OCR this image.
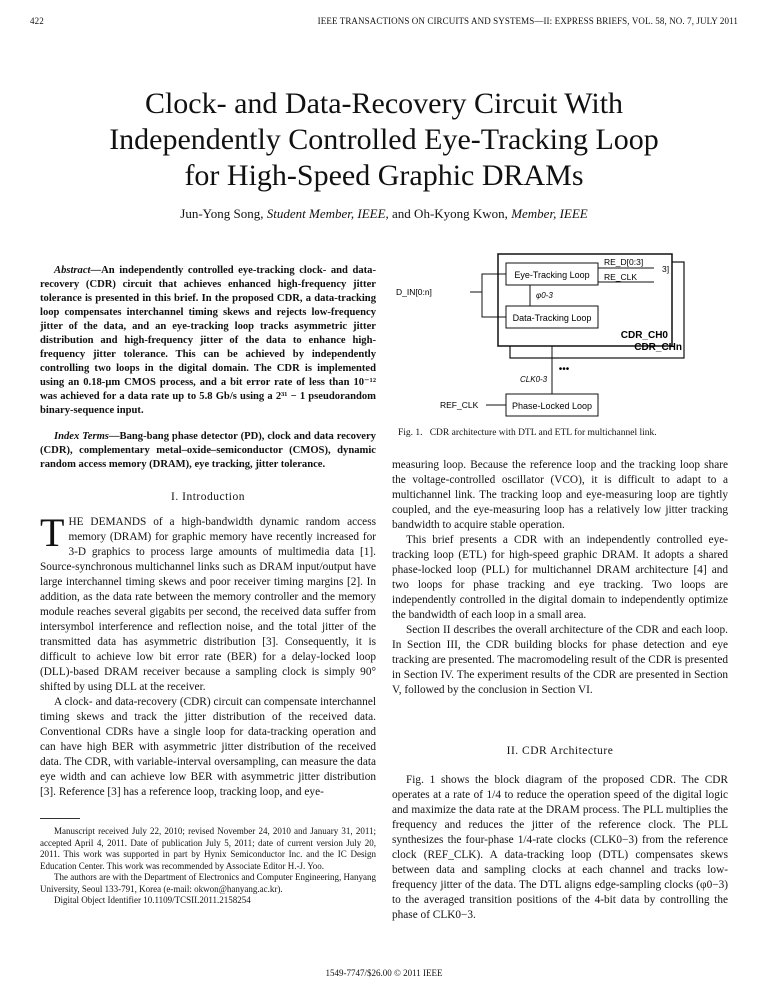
422	IEEE TRANSACTIONS ON CIRCUITS AND SYSTEMS—II: EXPRESS BRIEFS, VOL. 58, NO. 7, JULY 2011
Clock- and Data-Recovery Circuit With
Independently Controlled Eye-Tracking Loop
for High-Speed Graphic DRAMs
Jun-Yong Song, Student Member, IEEE, and Oh-Kyong Kwon, Member, IEEE

Abstract—An independently controlled eye-tracking clock- and data-recovery (CDR) circuit that achieves enhanced high-frequency jitter tolerance is presented in this brief. In the proposed CDR, a data-tracking loop compensates interchannel timing skews and rejects low-frequency jitter of the data, and an eye-tracking loop tracks asymmetric jitter distribution and high-frequency jitter of the data to enhance high-frequency jitter tolerance. This can be achieved by independently controlling two loops in the digital domain. The CDR is implemented using an 0.18-μm CMOS process, and a bit error rate of less than 10⁻¹² was achieved for a data rate up to 5.8 Gb/s using a 2³¹ − 1 pseudorandom binary-sequence input.

Index Terms—Bang-bang phase detector (PD), clock and data recovery (CDR), complementary metal–oxide–semiconductor (CMOS), dynamic random access memory (DRAM), eye tracking, jitter tolerance.

I. Introduction

THE DEMANDS of a high-bandwidth dynamic random access memory (DRAM) for graphic memory have recently increased for 3-D graphics to process large amounts of multimedia data [1]. Source-synchronous multichannel links such as DRAM input/output have large interchannel timing skews and poor receiver timing margins [2]. In addition, as the data rate between the memory controller and the memory module reaches several gigabits per second, the received data suffer from intersymbol interference and reflection noise, and the total jitter of the transmitted data has asymmetric distribution [3]. Consequently, it is difficult to achieve low bit error rate (BER) for a delay-locked loop (DLL)-based DRAM receiver because a sampling clock is simply 90° shifted by using DLL at the receiver.

A clock- and data-recovery (CDR) circuit can compensate interchannel timing skews and track the jitter distribution of the received data. Conventional CDRs have a single loop for data-tracking operation and can have high BER with asymmetric jitter distribution of the received data. The CDR, with variable-interval oversampling, can measure the data eye width and can achieve low BER with asymmetric jitter distribution [3]. Reference [3] has a reference loop, tracking loop, and eye-

Manuscript received July 22, 2010; revised November 24, 2010 and January 31, 2011; accepted April 4, 2011. Date of publication July 5, 2011; date of current version July 20, 2011. This work was supported in part by Hynix Semiconductor Inc. and the IC Design Education Center. This work was recommended by Associate Editor H.-J. Yoo.

The authors are with the Department of Electronics and Computer Engineering, Hanyang University, Seoul 133-791, Korea (e-mail: okwon@hanyang.ac.kr).

Digital Object Identifier 10.1109/TCSII.2011.2158254

Eye-Tracking Loop
Data-Tracking Loop
RE_D[0:3]
RE_CLK
3]
φ0-3
D_IN[0:n]
CDR_CH0
CDR_CHn
•••
CLK0-3
Phase-Locked Loop
REF_CLK
Fig. 1. CDR architecture with DTL and ETL for multichannel link.

measuring loop. Because the reference loop and the tracking loop share the voltage-controlled oscillator (VCO), it is difficult to adapt to a multichannel link. The tracking loop and eye-measuring loop are tightly coupled, and the eye-measuring loop has a relatively low jitter tracking bandwidth to acquire stable operation.

This brief presents a CDR with an independently controlled eye-tracking loop (ETL) for high-speed graphic DRAM. It adopts a shared phase-locked loop (PLL) for multichannel DRAM architecture [4] and two loops for phase tracking and eye tracking. Two loops are independently controlled in the digital domain to independently optimize the bandwidth of each loop in a small area.

Section II describes the overall architecture of the CDR and each loop. In Section III, the CDR building blocks for phase detection and eye tracking are presented. The macromodeling result of the CDR is presented in Section IV. The experiment results of the CDR are presented in Section V, followed by the conclusion in Section VI.

II. CDR Architecture

Fig. 1 shows the block diagram of the proposed CDR. The CDR operates at a rate of 1/4 to reduce the operation speed of the digital logic and maximize the data rate at the DRAM process. The PLL multiplies the frequency and reduces the jitter of the reference clock. The PLL synthesizes the four-phase 1/4-rate clocks (CLK0−3) from the reference clock (REF_CLK). A data-tracking loop (DTL) compensates skews between data and sampling clocks at each channel and tracks low-frequency jitter of the data. The DTL aligns edge-sampling clocks (φ0−3) to the averaged transition positions of the 4-bit data by controlling the phase of CLK0−3.

1549-7747/$26.00 © 2011 IEEE
